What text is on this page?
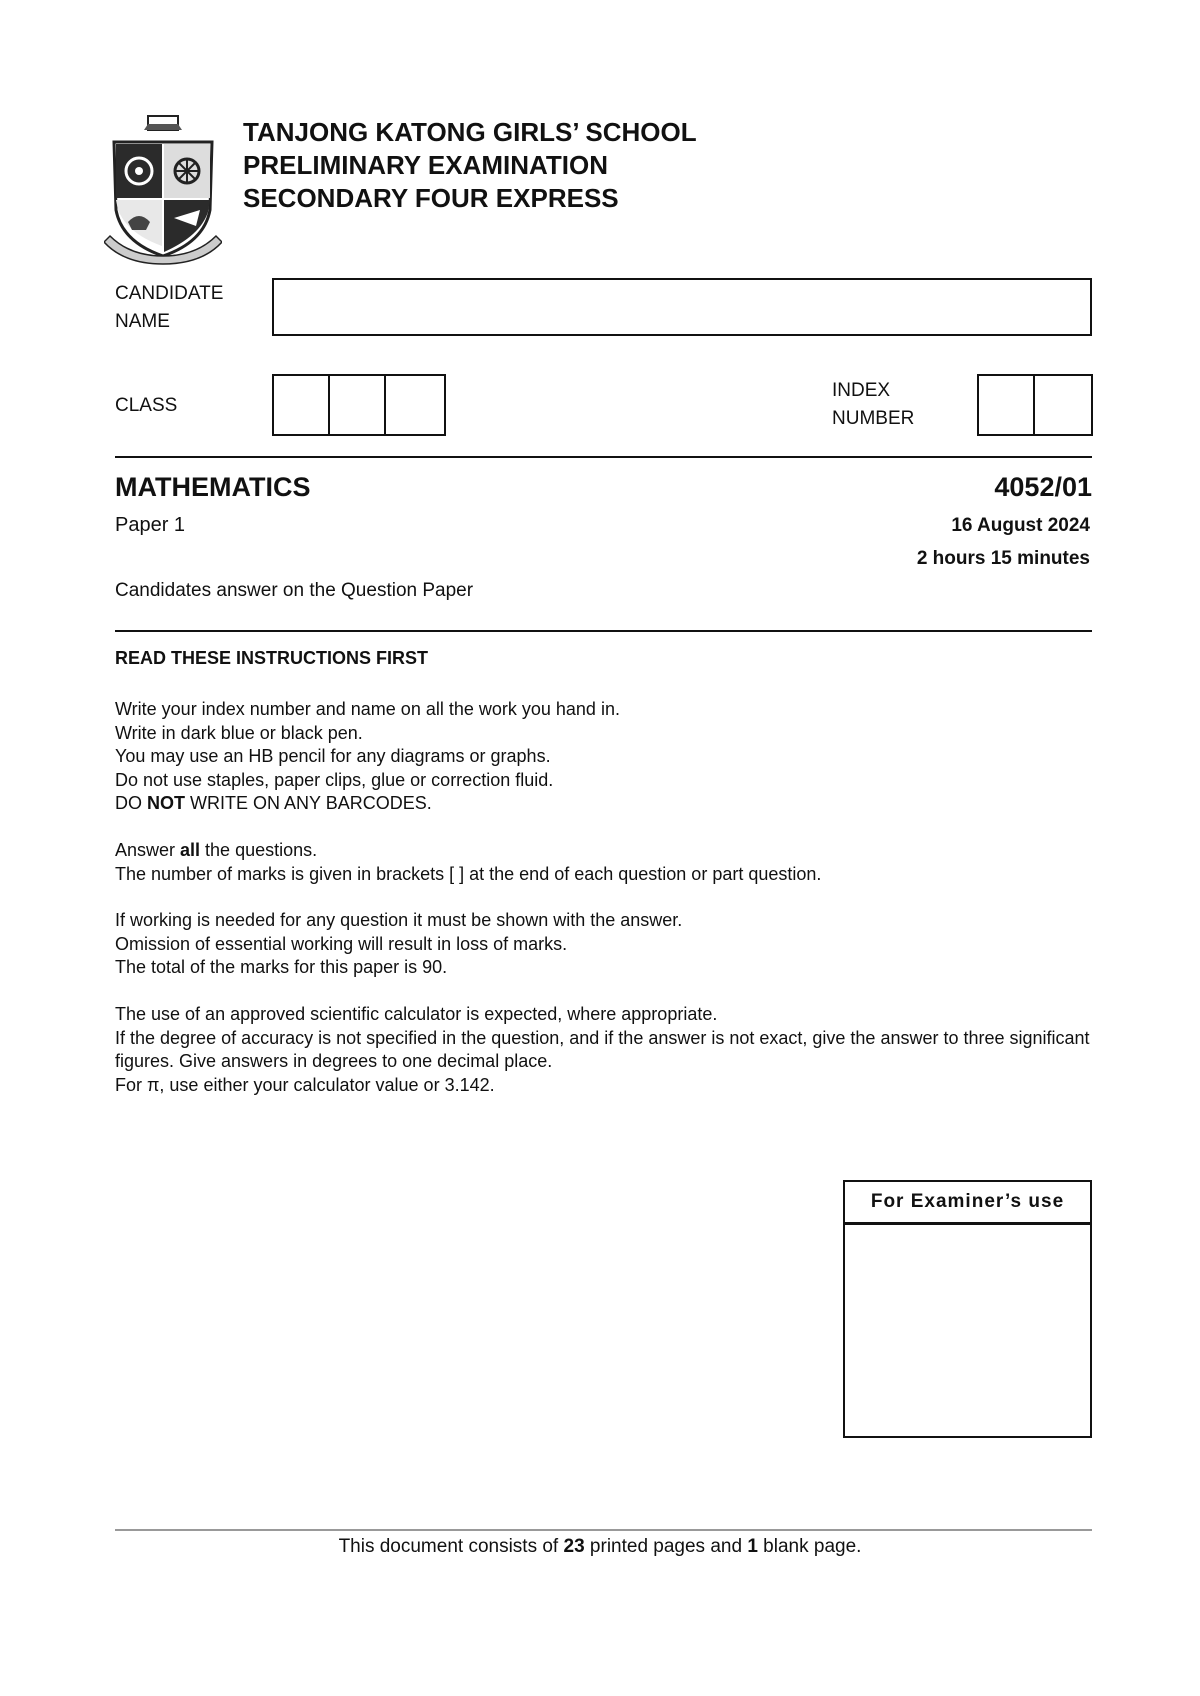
TANJONG KATONG GIRLS’ SCHOOL
PRELIMINARY EXAMINATION
SECONDARY FOUR EXPRESS
CANDIDATE
NAME
CLASS
INDEX
NUMBER
MATHEMATICS	4052/01
Paper 1	16 August 2024
2 hours 15 minutes
Candidates answer on the Question Paper
READ THESE INSTRUCTIONS FIRST
Write your index number and name on all the work you hand in.
Write in dark blue or black pen.
You may use an HB pencil for any diagrams or graphs.
Do not use staples, paper clips, glue or correction fluid.
DO NOT WRITE ON ANY BARCODES.
Answer all the questions.
The number of marks is given in brackets [ ] at the end of each question or part question.
If working is needed for any question it must be shown with the answer.
Omission of essential working will result in loss of marks.
The total of the marks for this paper is 90.
The use of an approved scientific calculator is expected, where appropriate.
If the degree of accuracy is not specified in the question, and if the answer is not exact, give the answer to three significant figures. Give answers in degrees to one decimal place.
For π, use either your calculator value or 3.142.
For Examiner’s use
This document consists of 23 printed pages and 1 blank page.
